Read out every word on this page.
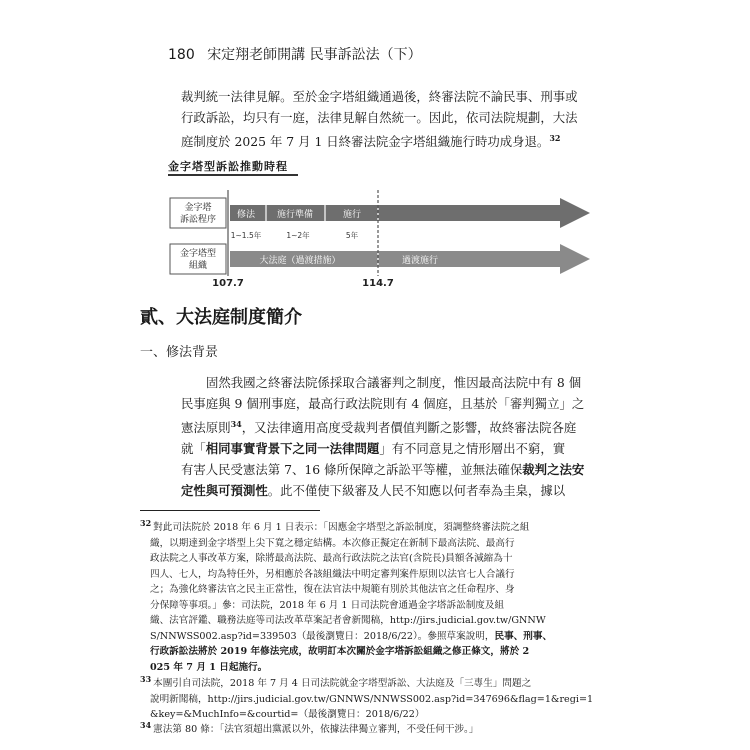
180 宋定翔老師開講 民事訴訟法（下）
裁判統一法律見解。至於金字塔組織通過後，終審法院不論民事、刑事或
行政訴訟，均只有一庭，法律見解自然統一。因此，依司法院規劃，大法
庭制度於 2025 年 7 月 1 日終審法院金字塔組織施行時功成身退。$^{32}$
金字塔型訴訟推動時程
金字塔
訴訟程序 修法 施行準備	施行
1~1.5年	1~2年	5年
金字塔型
組織	大法庭（過渡措施）	過渡施行
107.7	114.7
貳、大法庭制度簡介
一、修法背景
固然我國之終審法院係採取合議審判之制度，惟因最高法院中有 8 個
民事庭與 9 個刑事庭，最高行政法院則有 4 個庭，且基於「審判獨立」之
憲法原則$^{34}$，又法律適用高度受裁判者價值判斷之影響，故終審法院各庭
就「相同事實背景下之同一法律問題」有不同意見之情形層出不窮，實
有害人民受憲法第 7、16 條所保障之訴訟平等權，並無法確保裁判之法安
定性與可預測性。此不僅使下級審及人民不知應以何者奉為圭臬，據以
$^{32}$ 對此司法院於 2018 年 6 月 1 日表示：「因應金字塔型之訴訟制度，須調整終審法院之組
織，以期達到金字塔型上尖下寬之穩定結構。本次修正擬定在新制下最高法院、最高行
政法院之人事改革方案，除將最高法院、最高行政法院之法官(含院長)員額各減縮為十
四人、七人，均為特任外，另相應於各該組織法中明定審判案件原則以法官七人合議行
之；為強化終審法官之民主正當性，復在法官法中規範有別於其他法官之任命程序、身
分保障等事項。」參：司法院，2018 年 6 月 1 日司法院會通過金字塔訴訟制度及組
織、法官評鑑、職務法庭等司法改革草案記者會新聞稿，http://jirs.judicial.gov.tw/GNNW
S/NNWSS002.asp?id=339503（最後瀏覽日：2018/6/22）。參照草案說明，民事、刑事、
行政訴訟法將於 2019 年修法完成，故明訂本次關於金字塔訴訟組織之修正條文，將於 2
025 年 7 月 1 日起施行。
$^{33}$ 本團引自司法院，2018 年 7 月 4 日司法院就金字塔型訴訟、大法庭及「三專生」問題之
說明新聞稿，http://jirs.judicial.gov.tw/GNNWS/NNWSS002.asp?id=347696&flag=1&regi=1
&key=&MuchInfo=&courtid=（最後瀏覽日：2018/6/22）
$^{34}$ 憲法第 80 條：「法官須超出黨派以外，依據法律獨立審判，不受任何干涉。」
